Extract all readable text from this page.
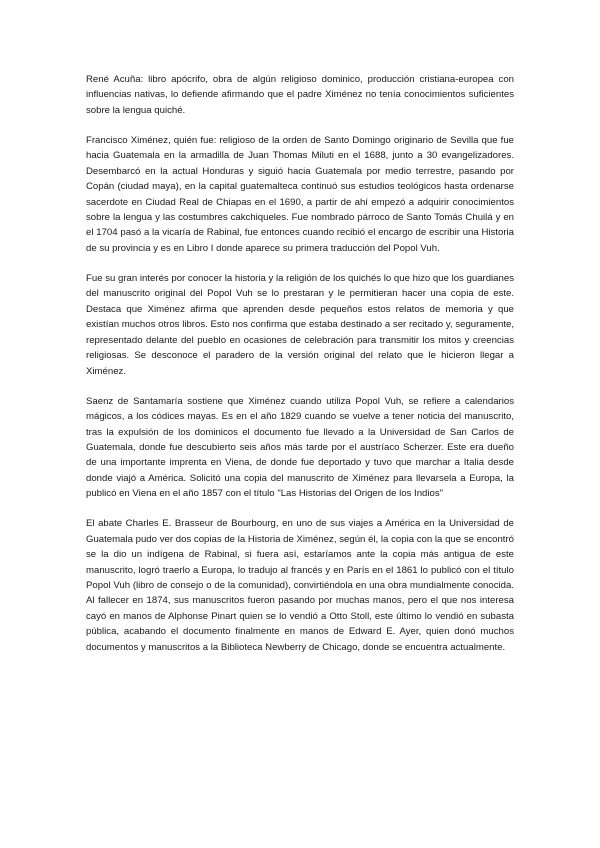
René Acuña: libro apócrifo, obra de algún religioso dominico, producción cristiana-europea con influencias nativas, lo defiende afirmando que el padre Ximénez no tenía conocimientos suficientes sobre la lengua quiché.

Francisco Ximénez, quién fue: religioso de la orden de Santo Domingo originario de Sevilla que fue hacia Guatemala en la armadilla de Juan Thomas Miluti en el 1688, junto a 30 evangelizadores. Desembarcó en la actual Honduras y siguió hacia Guatemala por medio terrestre, pasando por Copán (ciudad maya), en la capital guatemalteca continuó sus estudios teológicos hasta ordenarse sacerdote en Ciudad Real de Chiapas en el 1690, a partir de ahí empezó a adquirir conocimientos sobre la lengua y las costumbres cakchiqueles. Fue nombrado párroco de Santo Tomás Chuilá y en el 1704 pasó a la vicaría de Rabinal, fue entonces cuando recibió el encargo de escribir una Historia de su provincia y es en Libro I donde aparece su primera traducción del Popol Vuh.

Fue su gran interés por conocer la historia y la religión de los quichés lo que hizo que los guardianes del manuscrito original del Popol Vuh se lo prestaran y le permitieran hacer una copia de este. Destaca que Ximénez afirma que aprenden desde pequeños estos relatos de memoria y que existían muchos otros libros. Esto nos confirma que estaba destinado a ser recitado y, seguramente, representado delante del pueblo en ocasiones de celebración para transmitir los mitos y creencias religiosas. Se desconoce el paradero de la versión original del relato que le hicieron llegar a Ximénez.

Saenz de Santamaría sostiene que Ximénez cuando utiliza Popol Vuh, se refiere a calendarios mágicos, a los códices mayas. Es en el año 1829 cuando se vuelve a tener noticia del manuscrito, tras la expulsión de los dominicos el documento fue llevado a la Universidad de San Carlos de Guatemala, donde fue descubierto seis años más tarde por el austríaco Scherzer. Este era dueño de una importante imprenta en Viena, de donde fue deportado y tuvo que marchar a Italia desde donde viajó a América. Solicitó una copia del manuscrito de Ximénez para llevarsela a Europa, la publicó en Viena en el año 1857 con el título "Las Historias del Origen de los Indios"

El abate Charles E. Brasseur de Bourbourg, en uno de sus viajes a América en la Universidad de Guatemala pudo ver dos copias de la Historia de Ximénez, según él, la copia con la que se encontró se la dio un indígena de Rabinal, si fuera así, estaríamos ante la copia más antigua de este manuscrito, logró traerlo a Europa, lo tradujo al francés y en París en el 1861 lo publicó con el título Popol Vuh (libro de consejo o de la comunidad), convirtiéndola en una obra mundialmente conocida. Al fallecer en 1874, sus manuscritos fueron pasando por muchas manos, pero el que nos interesa cayó en manos de Alphonse Pinart quien se lo vendió a Otto Stoll, este último lo vendió en subasta pública, acabando el documento finalmente en manos de Edward E. Ayer, quien donó muchos documentos y manuscritos a la Biblioteca Newberry de Chicago, donde se encuentra actualmente.
